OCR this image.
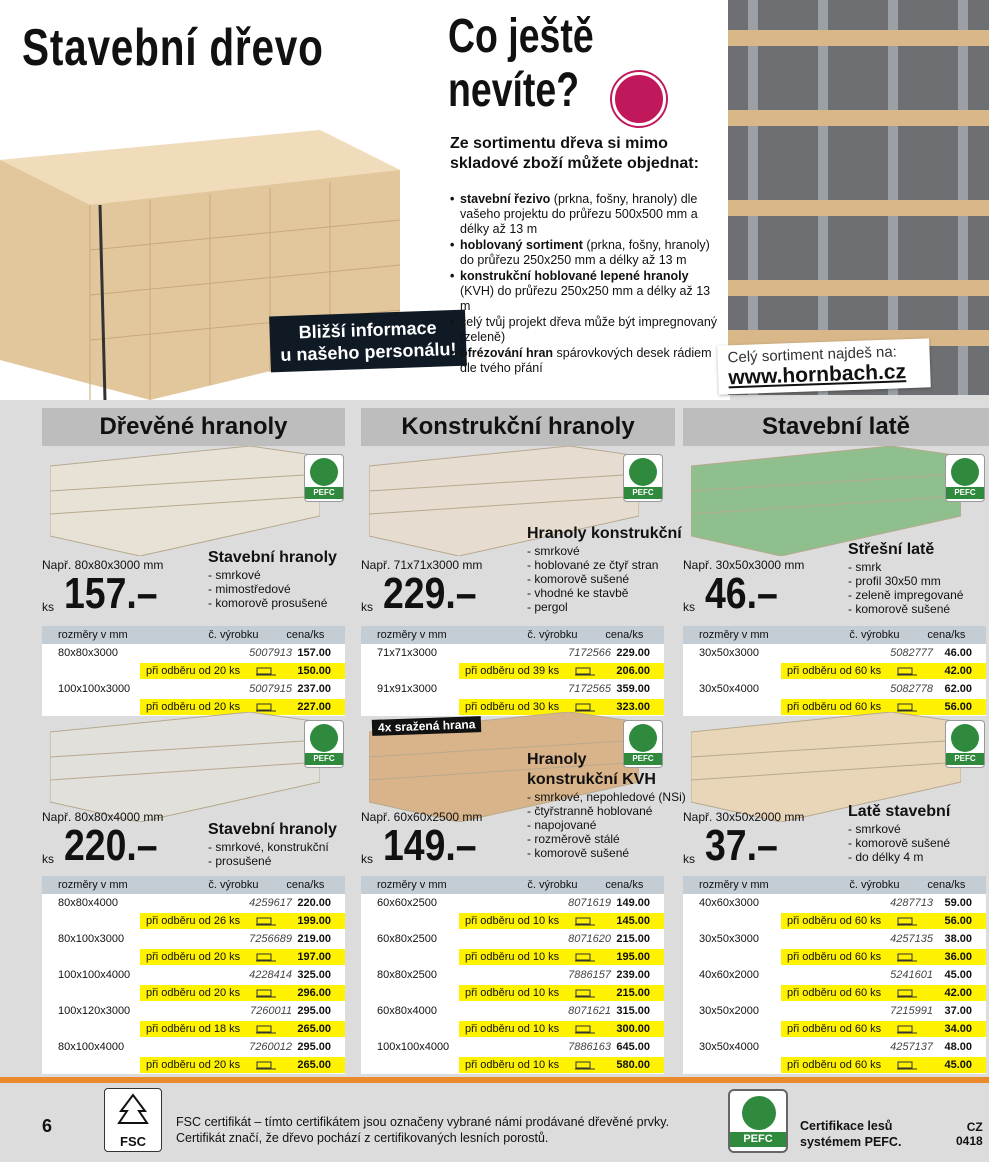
Stavební dřevo
Bližší informace
u našeho personálu!
Co ještě
nevíte?
Ze sortimentu dřeva si mimo skladové zboží můžete objednat:
• stavební řezivo (prkna, fošny, hranoly) dle vašeho projektu do průřezu 500x500 mm a délky až 13 m
• hoblovaný sortiment (prkna, fošny, hranoly) do průřezu 250x250 mm a délky až 13 m
• konstrukční hoblované lepené hranoly (KVH) do průřezu 250x250 mm a délky až 13 m
• celý tvůj projekt dřeva může být impregnovaný (zeleně)
• ofrézování hran spárovkových desek rádiem dle tvého přání
Celý sortiment najdeš na:
www.hornbach.cz
Dřevěné hranoly	Konstrukční hranoly	Stavební latě
PEFC
Např. 80x80x3000 mm
ks 157.–
Stavební hranoly
- smrkové
- mimostředové
- komorově prosušené
rozměry v mm	č. výrobku	cena/ks
80x80x3000	5007913 157.00
při odběru od 20 ks	150.00
100x100x3000	5007915 237.00
při odběru od 20 ks	227.00
PEFC
Např. 71x71x3000 mm
ks 229.–
Hranoly konstrukční
- smrkové
- hoblované ze čtyř stran
- komorově sušené
- vhodné ke stavbě
- pergol
rozměry v mm	č. výrobku	cena/ks
71x71x3000	7172566 229.00
při odběru od 39 ks	206.00
91x91x3000	7172565 359.00
při odběru od 30 ks	323.00
PEFC
Např. 30x50x3000 mm
ks 46.–
Střešní latě
- smrk
- profil 30x50 mm
- zeleně impregované
- komorově sušené
rozměry v mm	č. výrobku	cena/ks
30x50x3000	5082777 46.00
při odběru od 60 ks	42.00
30x50x4000	5082778 62.00
při odběru od 60 ks	56.00
PEFC
Např. 80x80x4000 mm
ks 220.–	Stavební hranoly
- smrkové, konstrukční
- prosušené
rozměry v mm	č. výrobku	cena/ks
80x80x4000	4259617 220.00
při odběru od 26 ks	199.00
80x100x3000	7256689 219.00
při odběru od 20 ks	197.00
100x100x4000	4228414 325.00
při odběru od 20 ks	296.00
100x120x3000	7260011 295.00
při odběru od 18 ks	265.00
80x100x4000	7260012 295.00
při odběru od 20 ks	265.00
PEFC
Např. 60x60x2500 mm
ks 149.–
Hranoly
konstrukční KVH
- smrkové, nepohledové (NSi)
- čtyřstranně hoblované
- napojované
- rozměrově stálé
- komorově sušené
rozměry v mm	č. výrobku	cena/ks
60x60x2500	8071619 149.00
při odběru od 10 ks	145.00
60x80x2500	8071620 215.00
při odběru od 10 ks	195.00
80x80x2500	7886157 239.00
při odběru od 10 ks	215.00
60x80x4000	8071621 315.00
při odběru od 10 ks	300.00
100x100x4000	7886163 645.00
při odběru od 10 ks	580.00
PEFC
Např. 30x50x2000 mm
ks 37.–
Latě stavební
- smrkové
- komorově sušené
- do délky 4 m
rozměry v mm	č. výrobku	cena/ks
40x60x3000	4287713 59.00
při odběru od 60 ks	56.00
30x50x3000	4257135 38.00
při odběru od 60 ks	36.00
40x60x2000	5241601 45.00
při odběru od 60 ks	42.00
30x50x2000	7215991 37.00
při odběru od 60 ks	34.00
30x50x4000	4257137 48.00
při odběru od 60 ks	45.00
4x sražená hrana
6
FSC
FSC certifikát – tímto certifikátem jsou označeny vybrané námi prodávané dřevěné prvky. Certifikát značí, že dřevo pochází z certifikovaných lesních porostů.	PEFC
Certifikace lesů
systémem PEFC.
CZ
0418
